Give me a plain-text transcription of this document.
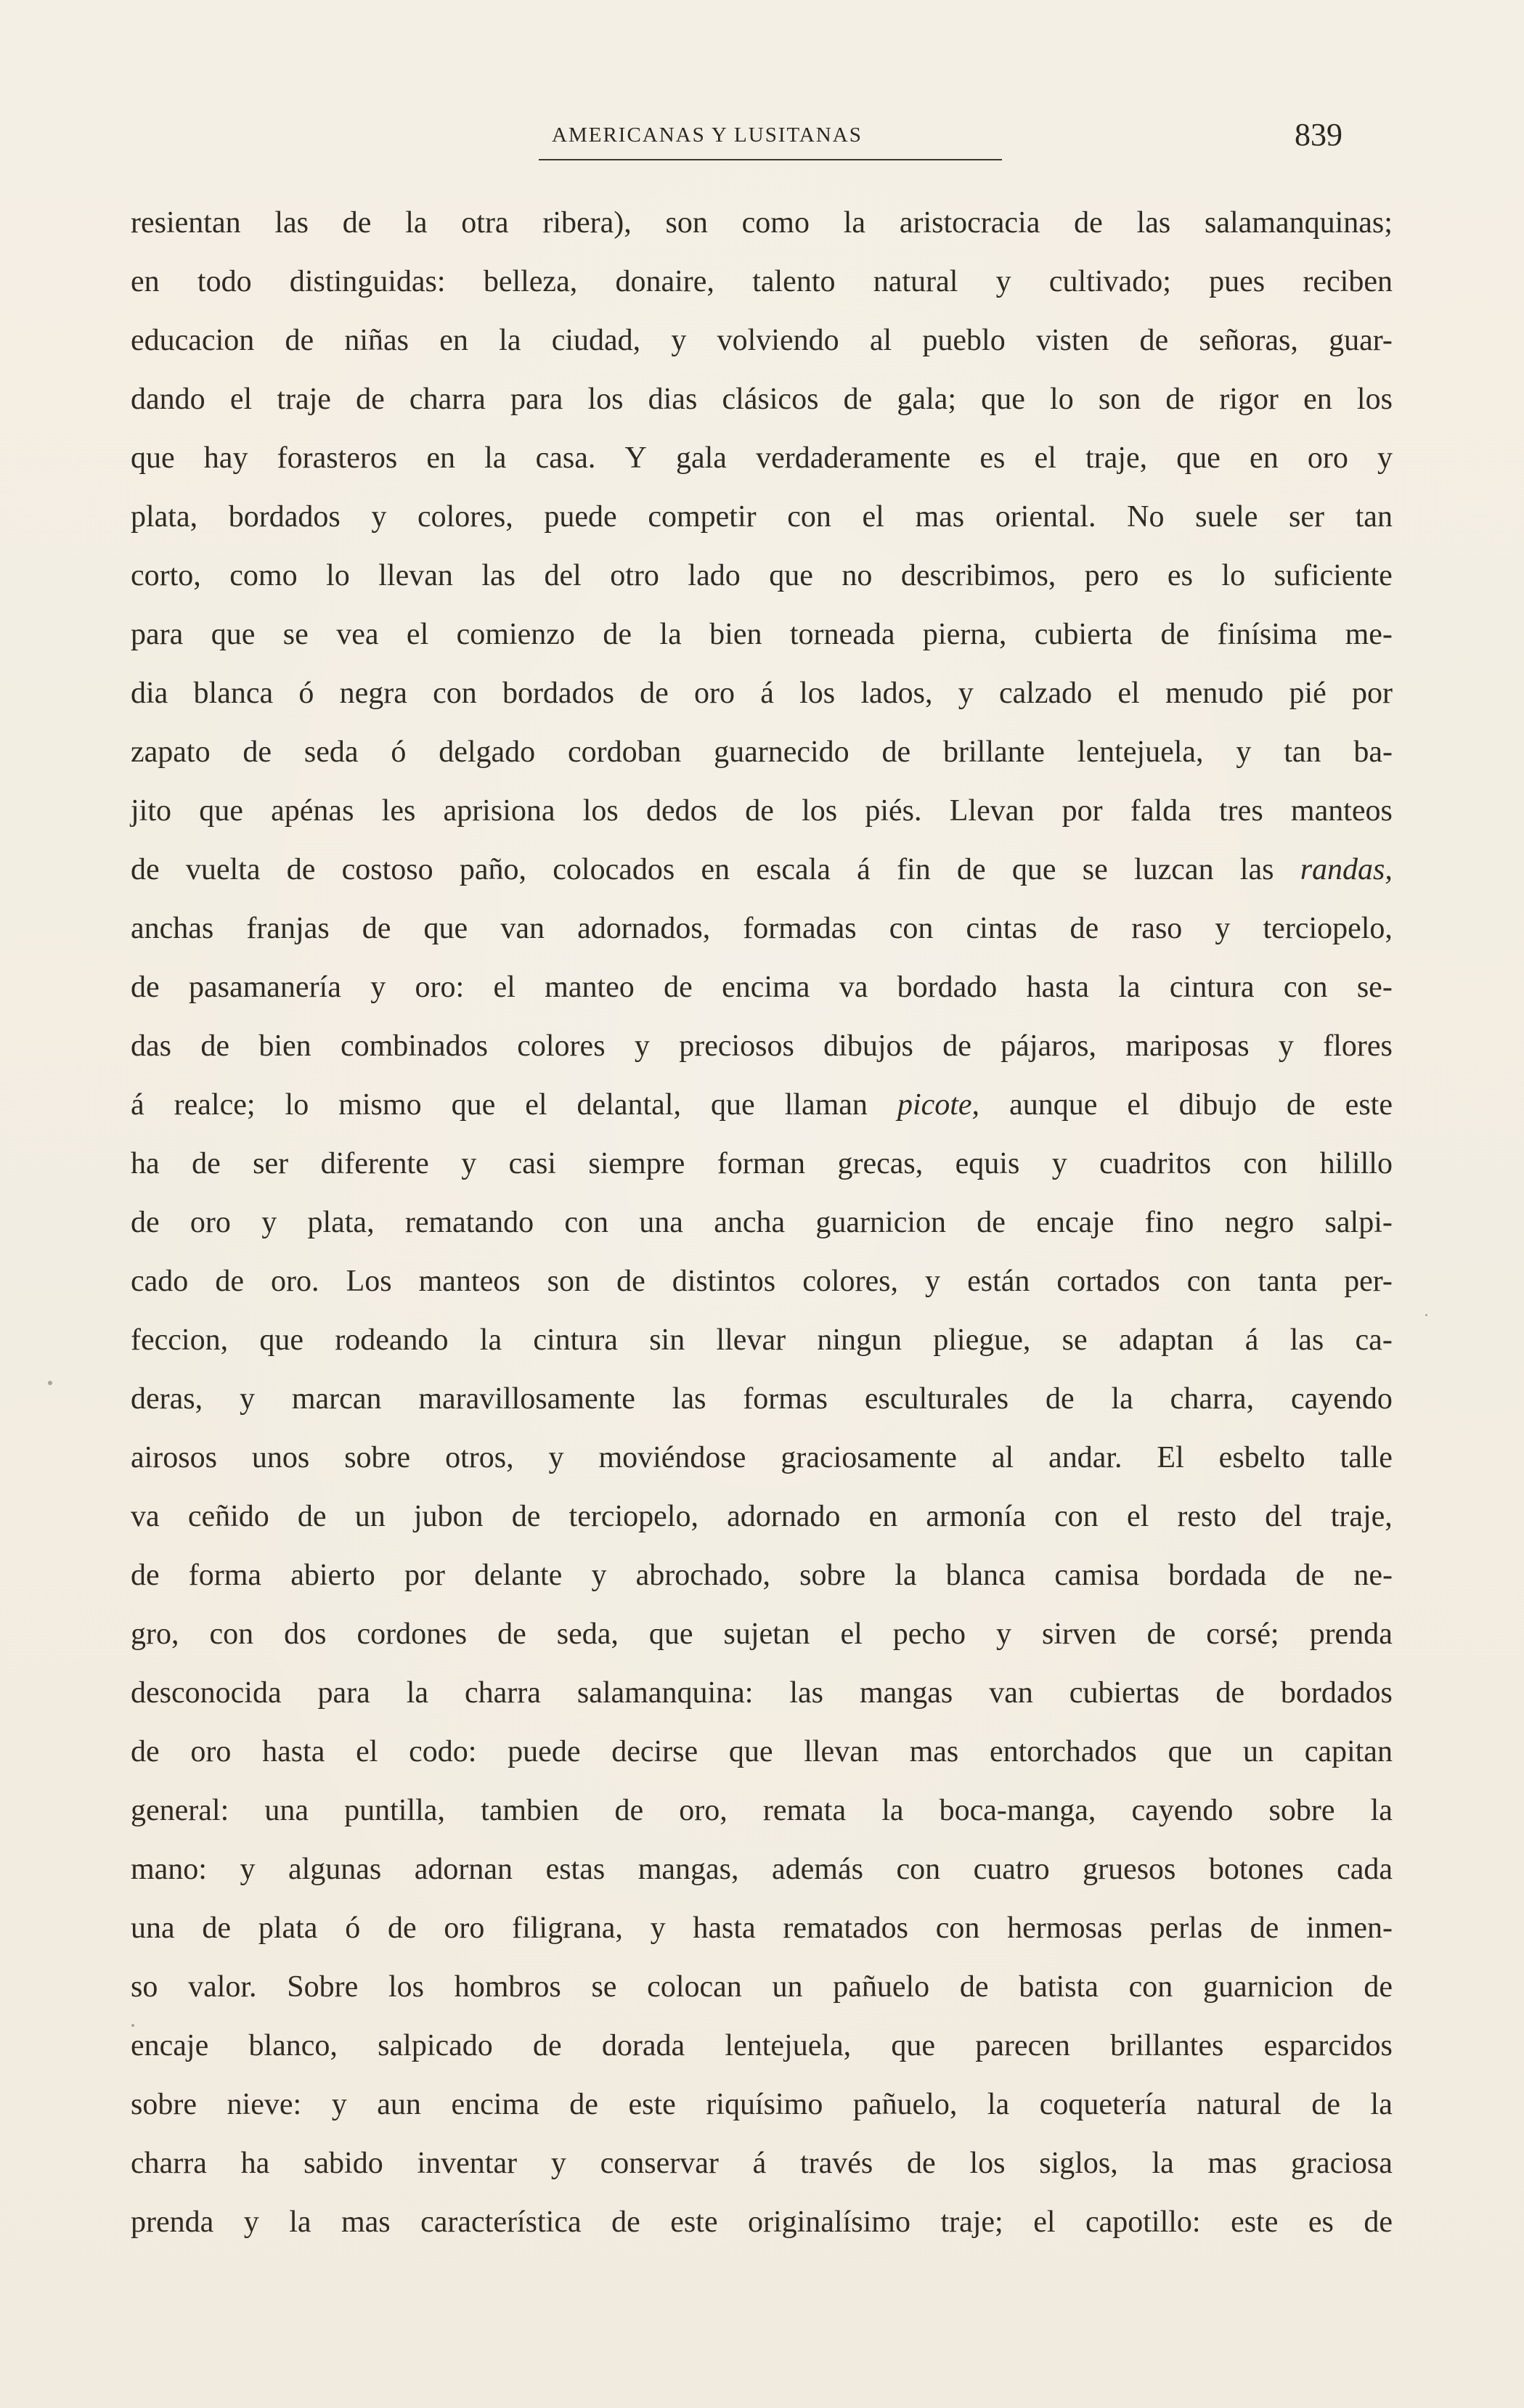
AMERICANAS Y LUSITANAS	839
resientan las de la otra ribera), son como la aristocracia de las salamanquinas;
en todo distinguidas: belleza, donaire, talento natural y cultivado; pues reciben
educacion de niñas en la ciudad, y volviendo al pueblo visten de señoras, guar-
dando el traje de charra para los dias clásicos de gala; que lo son de rigor en los
que hay forasteros en la casa. Y gala verdaderamente es el traje, que en oro y
plata, bordados y colores, puede competir con el mas oriental. No suele ser tan
corto, como lo llevan las del otro lado que no describimos, pero es lo suficiente
para que se vea el comienzo de la bien torneada pierna, cubierta de finísima me-
dia blanca ó negra con bordados de oro á los lados, y calzado el menudo pié por
zapato de seda ó delgado cordoban guarnecido de brillante lentejuela, y tan ba-
jito que apénas les aprisiona los dedos de los piés. Llevan por falda tres manteos
de vuelta de costoso paño, colocados en escala á fin de que se luzcan las randas,
anchas franjas de que van adornados, formadas con cintas de raso y terciopelo,
de pasamanería y oro: el manteo de encima va bordado hasta la cintura con se-
das de bien combinados colores y preciosos dibujos de pájaros, mariposas y flores
á realce; lo mismo que el delantal, que llaman picote, aunque el dibujo de este
ha de ser diferente y casi siempre forman grecas, equis y cuadritos con hilillo
de oro y plata, rematando con una ancha guarnicion de encaje fino negro salpi-
cado de oro. Los manteos son de distintos colores, y están cortados con tanta per-
feccion, que rodeando la cintura sin llevar ningun pliegue, se adaptan á las ca-
deras, y marcan maravillosamente las formas esculturales de la charra, cayendo
airosos unos sobre otros, y moviéndose graciosamente al andar. El esbelto talle
va ceñido de un jubon de terciopelo, adornado en armonía con el resto del traje,
de forma abierto por delante y abrochado, sobre la blanca camisa bordada de ne-
gro, con dos cordones de seda, que sujetan el pecho y sirven de corsé; prenda
desconocida para la charra salamanquina: las mangas van cubiertas de bordados
de oro hasta el codo: puede decirse que llevan mas entorchados que un capitan
general: una puntilla, tambien de oro, remata la boca-manga, cayendo sobre la
mano: y algunas adornan estas mangas, además con cuatro gruesos botones cada
una de plata ó de oro filigrana, y hasta rematados con hermosas perlas de inmen-
so valor. Sobre los hombros se colocan un pañuelo de batista con guarnicion de
encaje blanco, salpicado de dorada lentejuela, que parecen brillantes esparcidos
sobre nieve: y aun encima de este riquísimo pañuelo, la coquetería natural de la
charra ha sabido inventar y conservar á través de los siglos, la mas graciosa
prenda y la mas característica de este originalísimo traje; el capotillo: este es de
